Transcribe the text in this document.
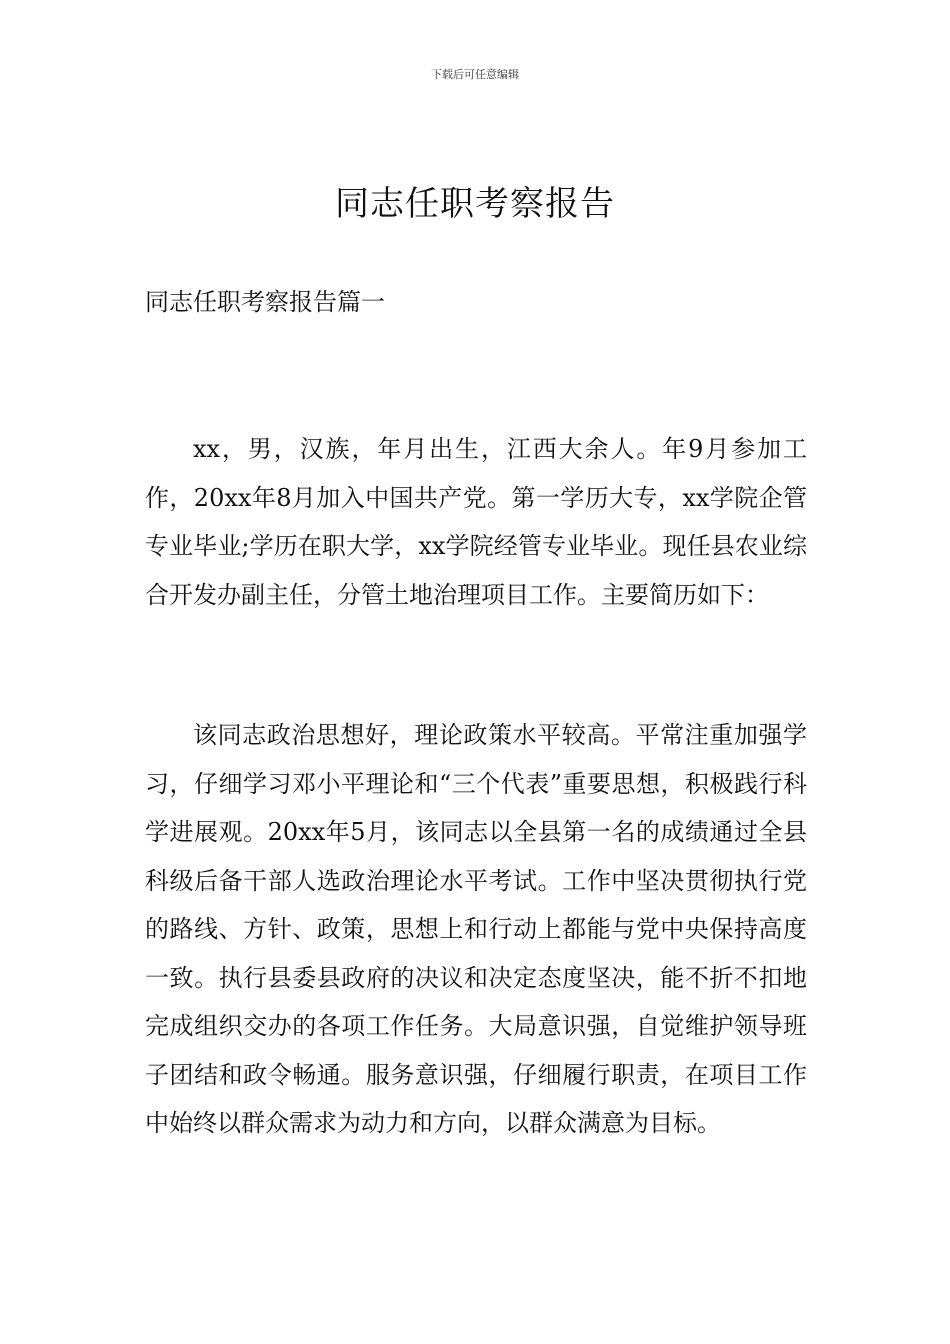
下载后可任意编辑
同志任职考察报告
同志任职考察报告篇一

xx，男，汉族，年月出生，江西大余人。年9月参加工作，20xx年8月加入中国共产党。第一学历大专，xx学院企管专业毕业;学历在职大学，xx学院经管专业毕业。现任县农业综合开发办副主任，分管土地治理项目工作。主要简历如下：

该同志政治思想好，理论政策水平较高。平常注重加强学习，仔细学习邓小平理论和“三个代表”重要思想，积极践行科学进展观。20xx年5月，该同志以全县第一名的成绩通过全县科级后备干部人选政治理论水平考试。工作中坚决贯彻执行党的路线、方针、政策，思想上和行动上都能与党中央保持高度一致。执行县委县政府的决议和决定态度坚决，能不折不扣地完成组织交办的各项工作任务。大局意识强，自觉维护领导班子团结和政令畅通。服务意识强，仔细履行职责，在项目工作中始终以群众需求为动力和方向，以群众满意为目标。
